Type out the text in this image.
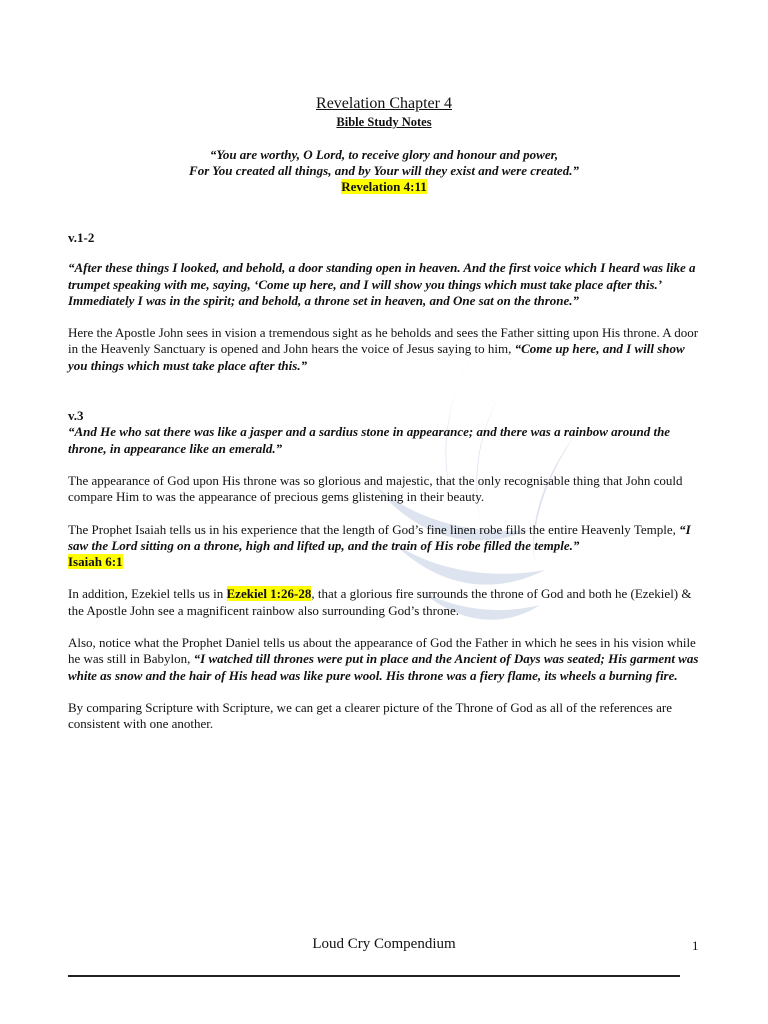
Revelation Chapter 4
Bible Study Notes
“You are worthy, O Lord, to receive glory and honour and power,
For You created all things, and by Your will they exist and were created.”
Revelation 4:11
v.1-2

“After these things I looked, and behold, a door standing open in heaven. And the first voice which I heard was like a trumpet speaking with me, saying, ‘Come up here, and I will show you things which must take place after this.’ Immediately I was in the spirit; and behold, a throne set in heaven, and One sat on the throne.”

Here the Apostle John sees in vision a tremendous sight as he beholds and sees the Father sitting upon His throne. A door in the Heavenly Sanctuary is opened and John hears the voice of Jesus saying to him, “Come up here, and I will show you things which must take place after this.”

v.3

“And He who sat there was like a jasper and a sardius stone in appearance; and there was a rainbow around the throne, in appearance like an emerald.”

The appearance of God upon His throne was so glorious and majestic, that the only recognisable thing that John could compare Him to was the appearance of precious gems glistening in their beauty.

The Prophet Isaiah tells us in his experience that the length of God’s fine linen robe fills the entire Heavenly Temple, “I saw the Lord sitting on a throne, high and lifted up, and the train of His robe filled the temple.”
Isaiah 6:1

In addition, Ezekiel tells us in Ezekiel 1:26-28, that a glorious fire surrounds the throne of God and both he (Ezekiel) & the Apostle John see a magnificent rainbow also surrounding God’s throne.

Also, notice what the Prophet Daniel tells us about the appearance of God the Father in which he sees in his vision while he was still in Babylon, “I watched till thrones were put in place and the Ancient of Days was seated; His garment was white as snow and the hair of His head was like pure wool. His throne was a fiery flame, its wheels a burning fire.

By comparing Scripture with Scripture, we can get a clearer picture of the Throne of God as all of the references are consistent with one another.

Loud Cry Compendium	1
